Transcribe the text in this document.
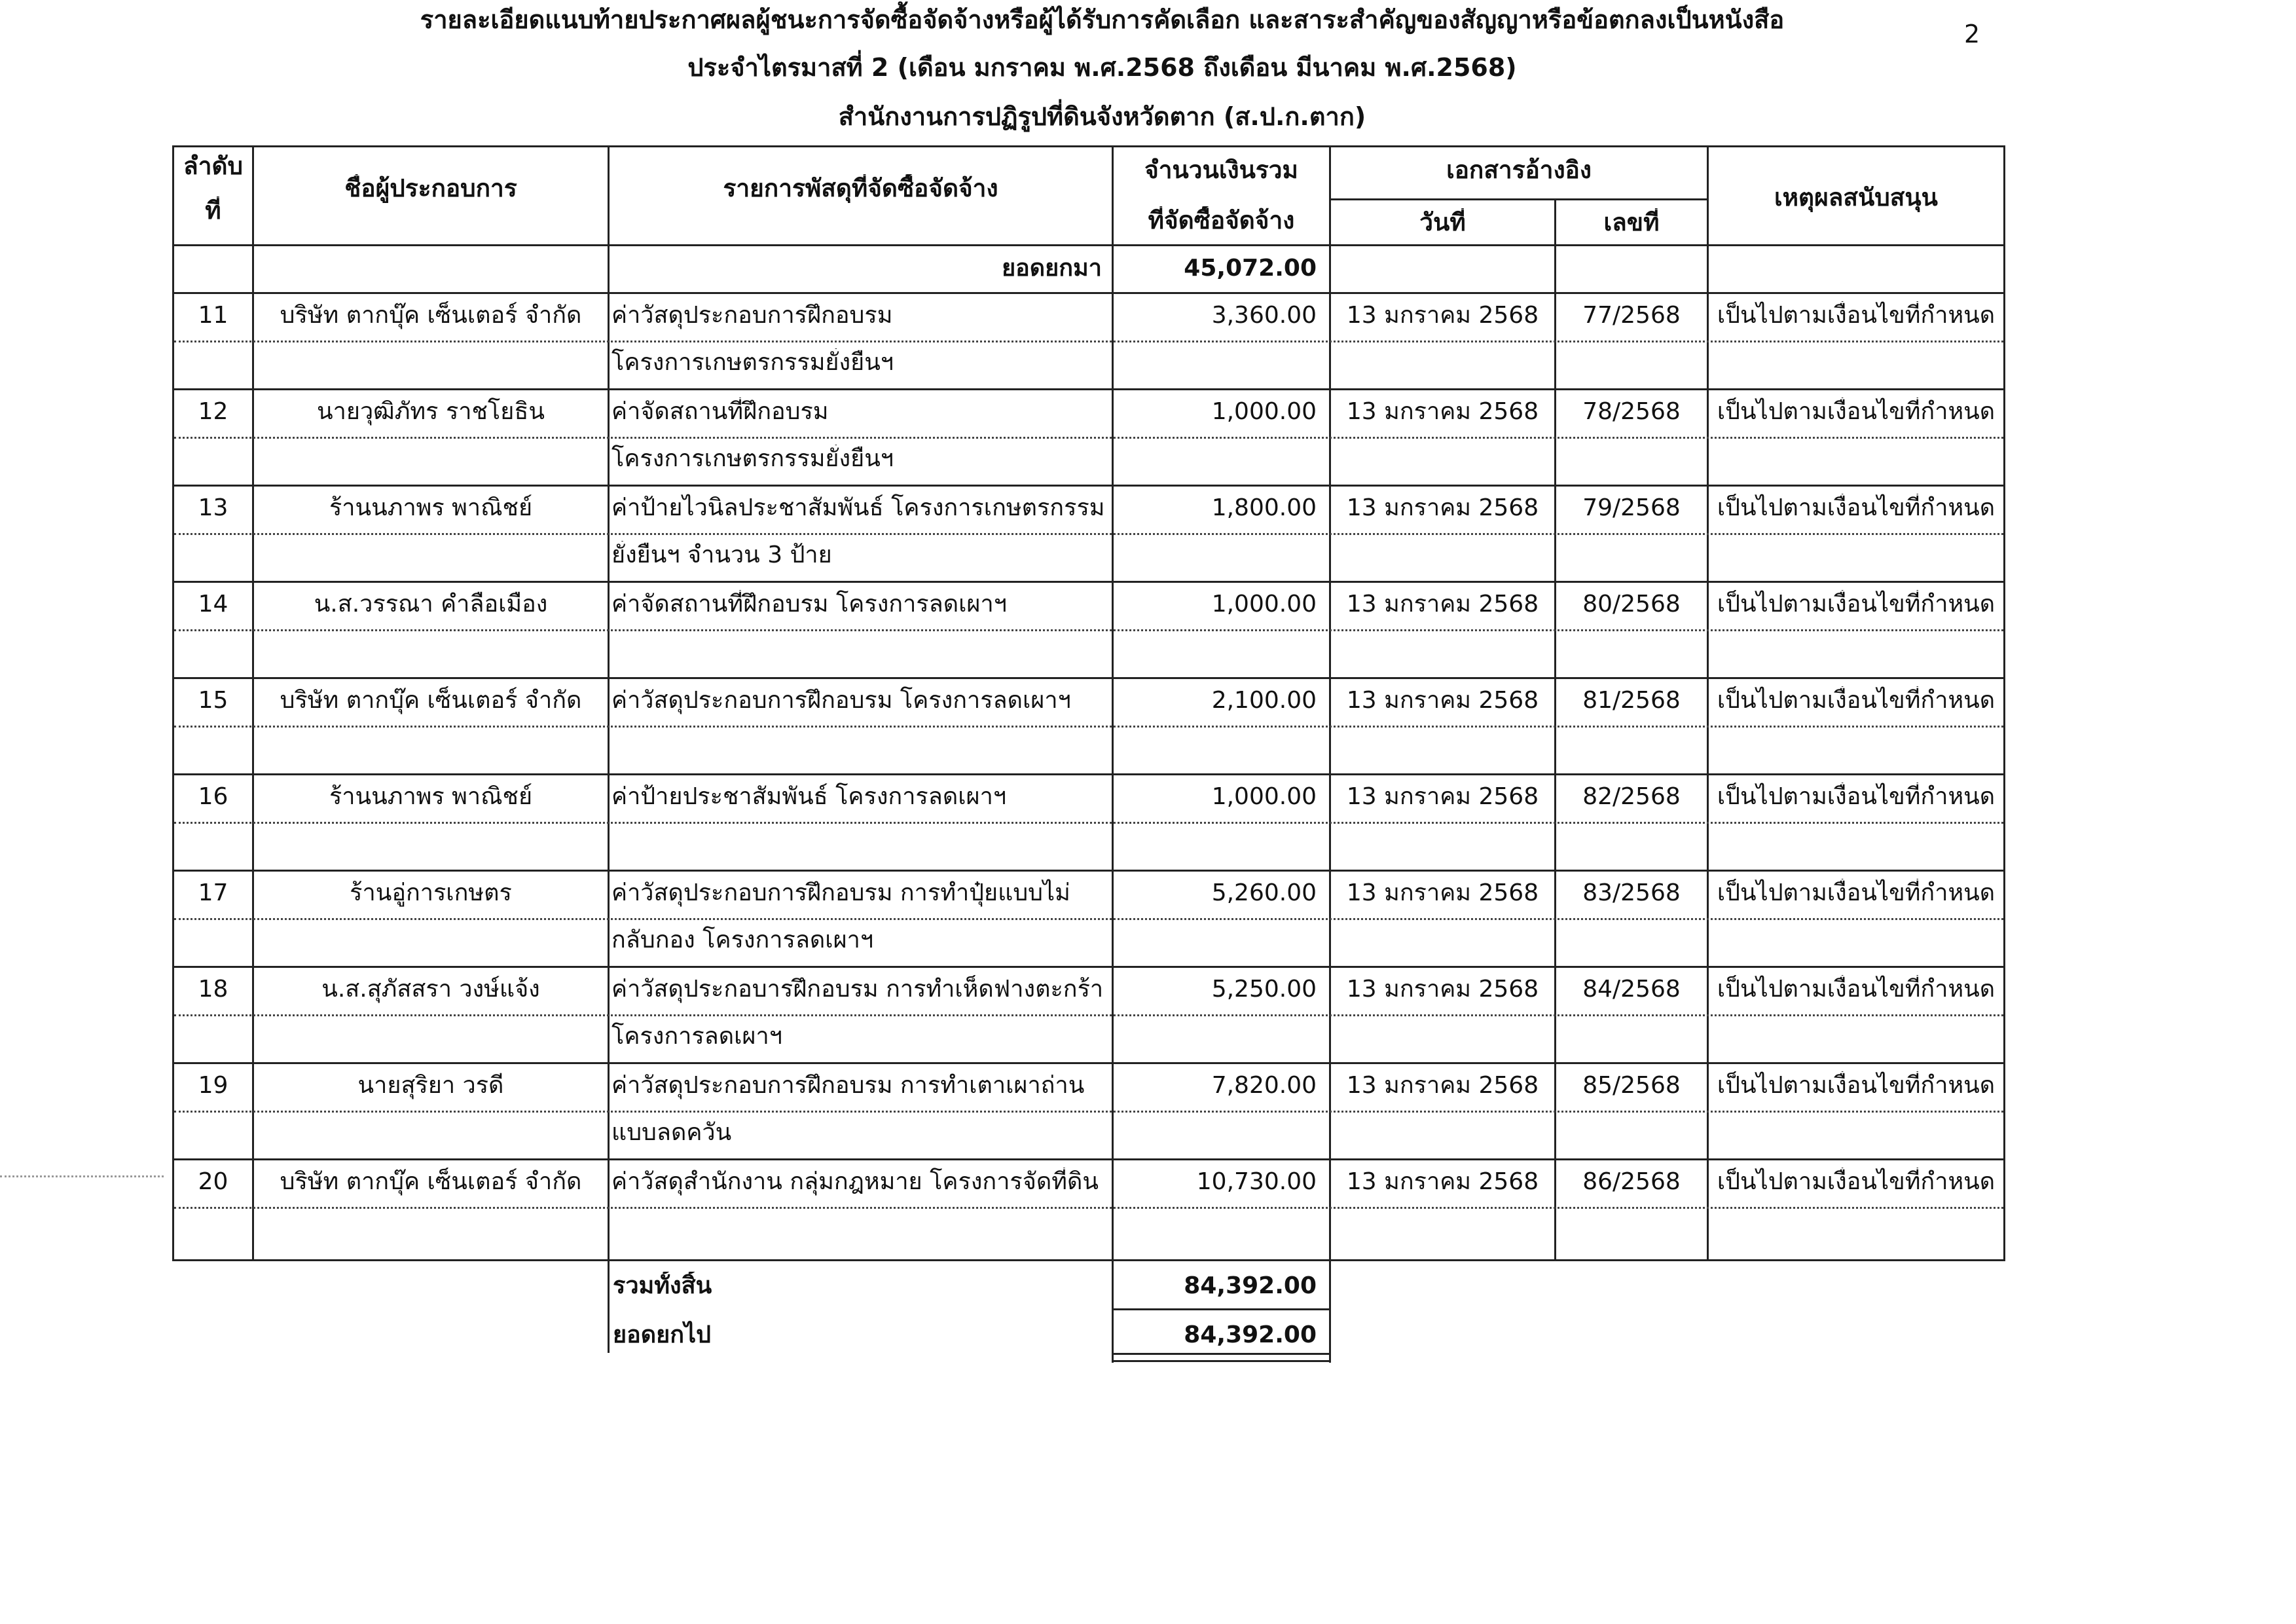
รายละเอียดแนบท้ายประกาศผลผู้ชนะการจัดซื้อจัดจ้างหรือผู้ได้รับการคัดเลือก และสาระสำคัญของสัญญาหรือข้อตกลงเป็นหนังสือ
ประจำไตรมาสที่ 2 (เดือน มกราคม พ.ศ.2568 ถึงเดือน มีนาคม พ.ศ.2568)
สำนักงานการปฏิรูปที่ดินจังหวัดตาก (ส.ป.ก.ตาก)
2
ลำดับ
ที่
ชื่อผู้ประกอบการ	รายการพัสดุที่จัดซื้อจัดจ้าง
จำนวนเงินรวม
ที่จัดซื้อจัดจ้าง
เอกสารอ้างอิง
วันที่	เลขที่
เหตุผลสนับสนุน
ยอดยกมา	45,072.00
11	บริษัท ตากบุ๊ค เซ็นเตอร์ จำกัด	ค่าวัสดุประกอบการฝึกอบรม	3,360.00	13 มกราคม 2568	77/2568	เป็นไปตามเงื่อนไขที่กำหนด
โครงการเกษตรกรรมยั่งยืนฯ
12	นายวุฒิภัทร ราชโยธิน	ค่าจัดสถานที่ฝึกอบรม	1,000.00	13 มกราคม 2568	78/2568	เป็นไปตามเงื่อนไขที่กำหนด
โครงการเกษตรกรรมยั่งยืนฯ
13	ร้านนภาพร พาณิชย์	ค่าป้ายไวนิลประชาสัมพันธ์ โครงการเกษตรกรรม	1,800.00	13 มกราคม 2568	79/2568	เป็นไปตามเงื่อนไขที่กำหนด
ยั่งยืนฯ จำนวน 3 ป้าย
14	น.ส.วรรณา คำลือเมือง	ค่าจัดสถานที่ฝึกอบรม โครงการลดเผาฯ	1,000.00	13 มกราคม 2568	80/2568	เป็นไปตามเงื่อนไขที่กำหนด
15	บริษัท ตากบุ๊ค เซ็นเตอร์ จำกัด	ค่าวัสดุประกอบการฝึกอบรม โครงการลดเผาฯ	2,100.00	13 มกราคม 2568	81/2568	เป็นไปตามเงื่อนไขที่กำหนด
16	ร้านนภาพร พาณิชย์	ค่าป้ายประชาสัมพันธ์ โครงการลดเผาฯ	1,000.00	13 มกราคม 2568	82/2568	เป็นไปตามเงื่อนไขที่กำหนด
17	ร้านอู่การเกษตร	ค่าวัสดุประกอบการฝึกอบรม การทำปุ๋ยแบบไม่	5,260.00	13 มกราคม 2568	83/2568	เป็นไปตามเงื่อนไขที่กำหนด
กลับกอง โครงการลดเผาฯ
18	น.ส.สุภัสสรา วงษ์แจ้ง	ค่าวัสดุประกอบารฝึกอบรม การทำเห็ดฟางตะกร้า	5,250.00	13 มกราคม 2568	84/2568	เป็นไปตามเงื่อนไขที่กำหนด
โครงการลดเผาฯ
19	นายสุริยา วรดี	ค่าวัสดุประกอบการฝึกอบรม การทำเตาเผาถ่าน	7,820.00	13 มกราคม 2568	85/2568	เป็นไปตามเงื่อนไขที่กำหนด
แบบลดควัน
20	บริษัท ตากบุ๊ค เซ็นเตอร์ จำกัด	ค่าวัสดุสำนักงาน กลุ่มกฎหมาย โครงการจัดที่ดิน	10,730.00	13 มกราคม 2568	86/2568	เป็นไปตามเงื่อนไขที่กำหนด
รวมทั้งสิ้น	84,392.00
ยอดยกไป	84,392.00
